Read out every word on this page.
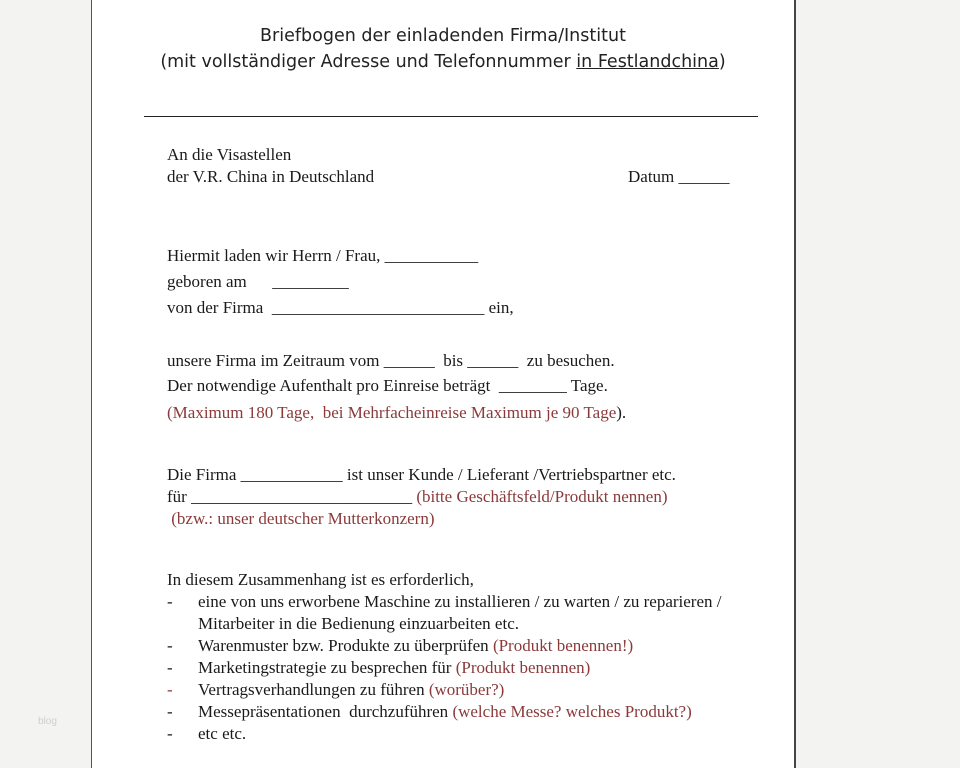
blog
Briefbogen der einladenden Firma/Institut
(mit vollständiger Adresse und Telefonnummer in Festlandchina)
An die Visastellen
der V.R. China in Deutschland	Datum ______
Hiermit laden wir Herrn / Frau, ___________
geboren am      _________
von der Firma  _________________________ ein,
unsere Firma im Zeitraum vom ______  bis ______  zu besuchen.
Der notwendige Aufenthalt pro Einreise beträgt  ________ Tage.
(Maximum 180 Tage,  bei Mehrfacheinreise Maximum je 90 Tage).
Die Firma ____________ ist unser Kunde / Lieferant /Vertriebspartner etc.
für __________________________ (bitte Geschäftsfeld/Produkt nennen)
(bzw.: unser deutscher Mutterkonzern)
In diesem Zusammenhang ist es erforderlich,
- eine von uns erworbene Maschine zu installieren / zu warten / zu reparieren /
Mitarbeiter in die Bedienung einzuarbeiten etc.
- Warenmuster bzw. Produkte zu überprüfen (Produkt benennen!)
- Marketingstrategie zu besprechen für (Produkt benennen)
- Vertragsverhandlungen zu führen (worüber?)
- Messepräsentationen  durchzuführen (welche Messe? welches Produkt?)
- etc etc.
